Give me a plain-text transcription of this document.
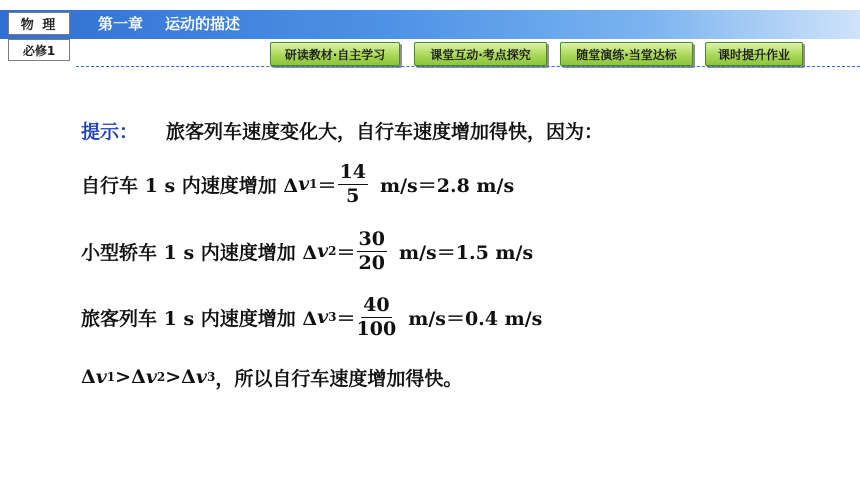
物 理
必修1
第一章 运动的描述
研读教材·自主学习	课堂互动·考点探究	随堂演练·当堂达标	课时提升作业
提示： 旅客列车速度变化大，自行车速度增加得快，因为：
自行车 1 s 内速度增加 Δ v $1 = \frac{14}{5} m/s=2.8$ m/s
小型轿车 1 s 内速度增加 Δ v $2 = \frac{30}{20} m/s=1.5$ m/s
旅客列车 1 s 内速度增加 Δ v $3 = \frac{40}{100} m/s=0.4$ m/s
Δ v 1 > Δ v 2 > Δ v 3 ，所以自行车速度增加得快。
